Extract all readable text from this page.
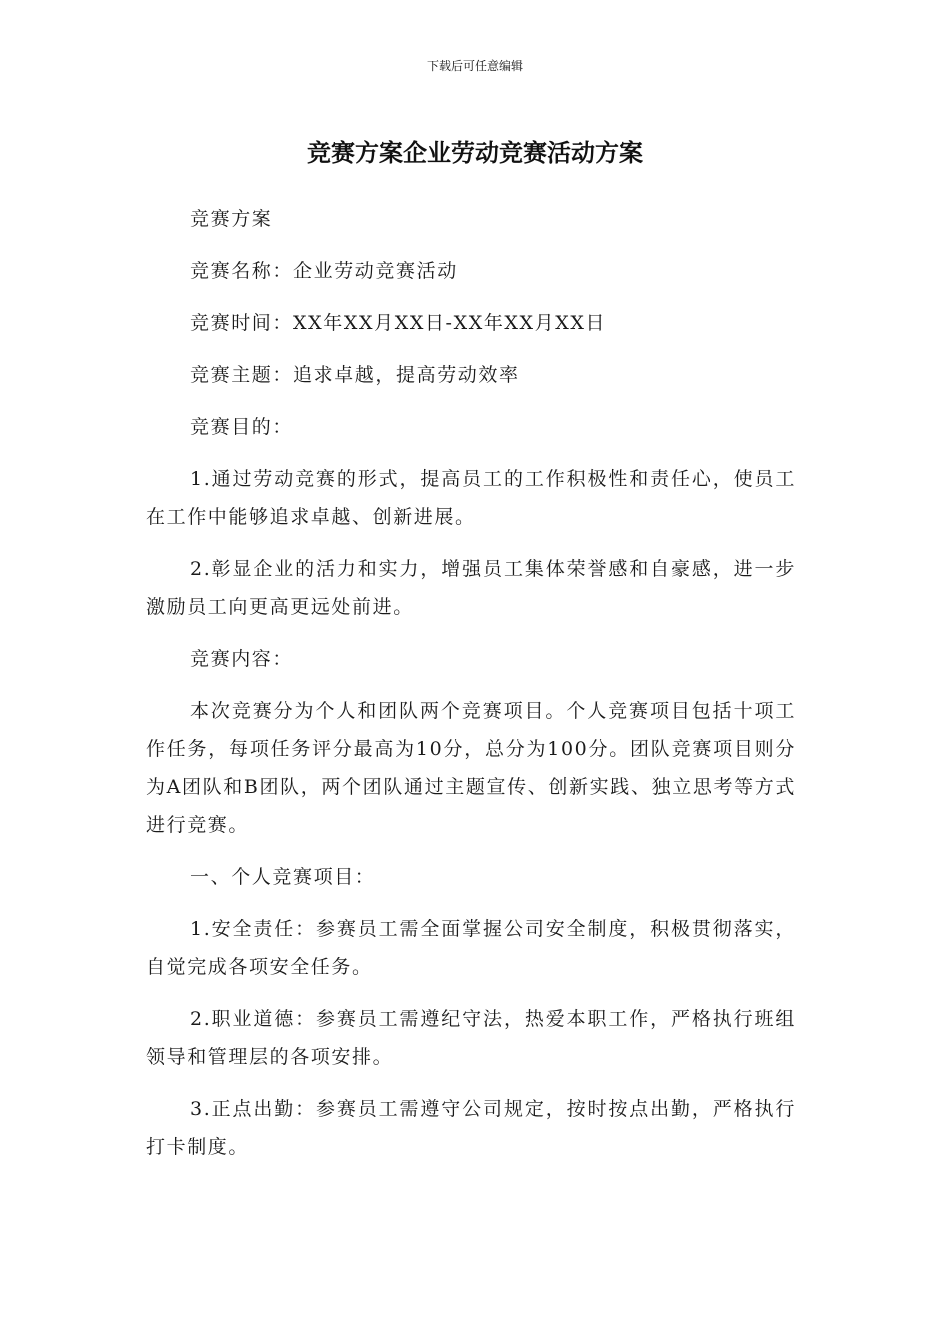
下载后可任意编辑
竞赛方案企业劳动竞赛活动方案

竞赛方案

竞赛名称：企业劳动竞赛活动

竞赛时间：XX年XX月XX日-XX年XX月XX日

竞赛主题：追求卓越，提高劳动效率

竞赛目的：

1.通过劳动竞赛的形式，提高员工的工作积极性和责任心，使员工在工作中能够追求卓越、创新进展。

2.彰显企业的活力和实力，增强员工集体荣誉感和自豪感，进一步激励员工向更高更远处前进。

竞赛内容：

本次竞赛分为个人和团队两个竞赛项目。个人竞赛项目包括十项工作任务，每项任务评分最高为10分，总分为100分。团队竞赛项目则分为A团队和B团队，两个团队通过主题宣传、创新实践、独立思考等方式进行竞赛。

一、个人竞赛项目：

1.安全责任：参赛员工需全面掌握公司安全制度，积极贯彻落实，自觉完成各项安全任务。

2.职业道德：参赛员工需遵纪守法，热爱本职工作，严格执行班组领导和管理层的各项安排。

3.正点出勤：参赛员工需遵守公司规定，按时按点出勤，严格执行打卡制度。
